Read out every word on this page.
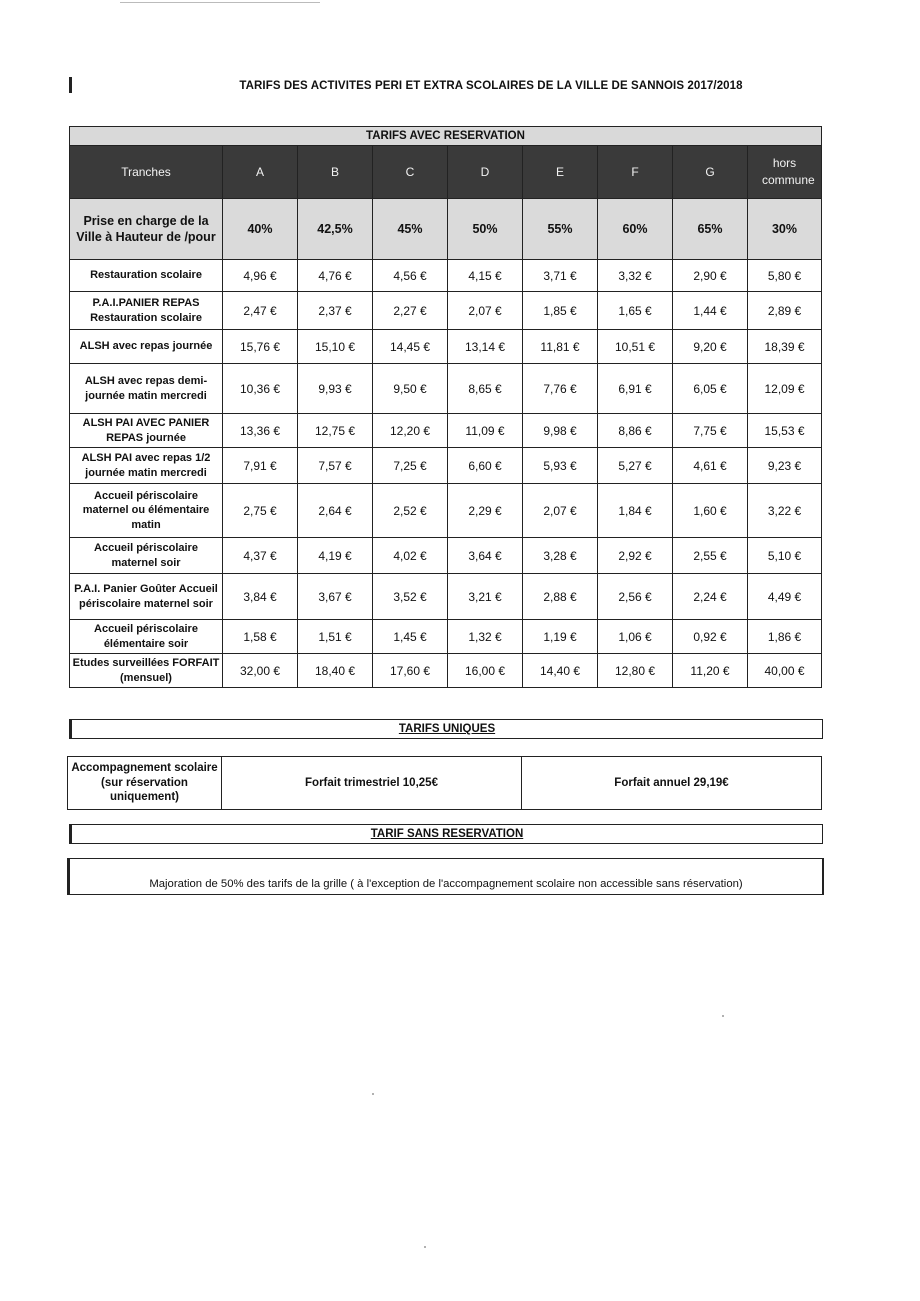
TARIFS DES ACTIVITES PERI ET EXTRA SCOLAIRES DE LA VILLE DE SANNOIS 2017/2018
TARIFS AVEC RESERVATION								
Tranches	A	B	C	D	E	F	G	hors commune
Prise en charge de la Ville à Hauteur de /pour	40%	42,5%	45%	50%	55%	60%	65%	30%
Restauration scolaire	4,96 €	4,76 €	4,56 €	4,15 €	3,71 €	3,32 €	2,90 €	5,80 €
P.A.I.PANIER REPAS Restauration scolaire	2,47 €	2,37 €	2,27 €	2,07 €	1,85 €	1,65 €	1,44 €	2,89 €
ALSH avec repas journée	15,76 €	15,10 €	14,45 €	13,14 €	11,81 €	10,51 €	9,20 €	18,39 €
ALSH avec repas demi-journée matin mercredi	10,36 €	9,93 €	9,50 €	8,65 €	7,76 €	6,91 €	6,05 €	12,09 €
ALSH PAI AVEC PANIER REPAS journée	13,36 €	12,75 €	12,20 €	11,09 €	9,98 €	8,86 €	7,75 €	15,53 €
ALSH PAI avec repas 1/2 journée matin mercredi	7,91 €	7,57 €	7,25 €	6,60 €	5,93 €	5,27 €	4,61 €	9,23 €
Accueil périscolaire maternel ou élémentaire matin	2,75 €	2,64 €	2,52 €	2,29 €	2,07 €	1,84 €	1,60 €	3,22 €
Accueil périscolaire maternel soir	4,37 €	4,19 €	4,02 €	3,64 €	3,28 €	2,92 €	2,55 €	5,10 €
P.A.I. Panier Goûter Accueil périscolaire maternel soir	3,84 €	3,67 €	3,52 €	3,21 €	2,88 €	2,56 €	2,24 €	4,49 €
Accueil périscolaire élémentaire soir	1,58 €	1,51 €	1,45 €	1,32 €	1,19 €	1,06 €	0,92 €	1,86 €
Etudes surveillées FORFAIT (mensuel)	32,00 €	18,40 €	17,60 €	16,00 €	14,40 €	12,80 €	11,20 €	40,00 €
TARIFS UNIQUES
Accompagnement scolaire (sur réservation uniquement)	Forfait trimestriel 10,25€	Forfait annuel 29,19€
TARIF SANS RESERVATION
Majoration de 50% des tarifs de la grille ( à l'exception de l'accompagnement scolaire non accessible sans réservation)
